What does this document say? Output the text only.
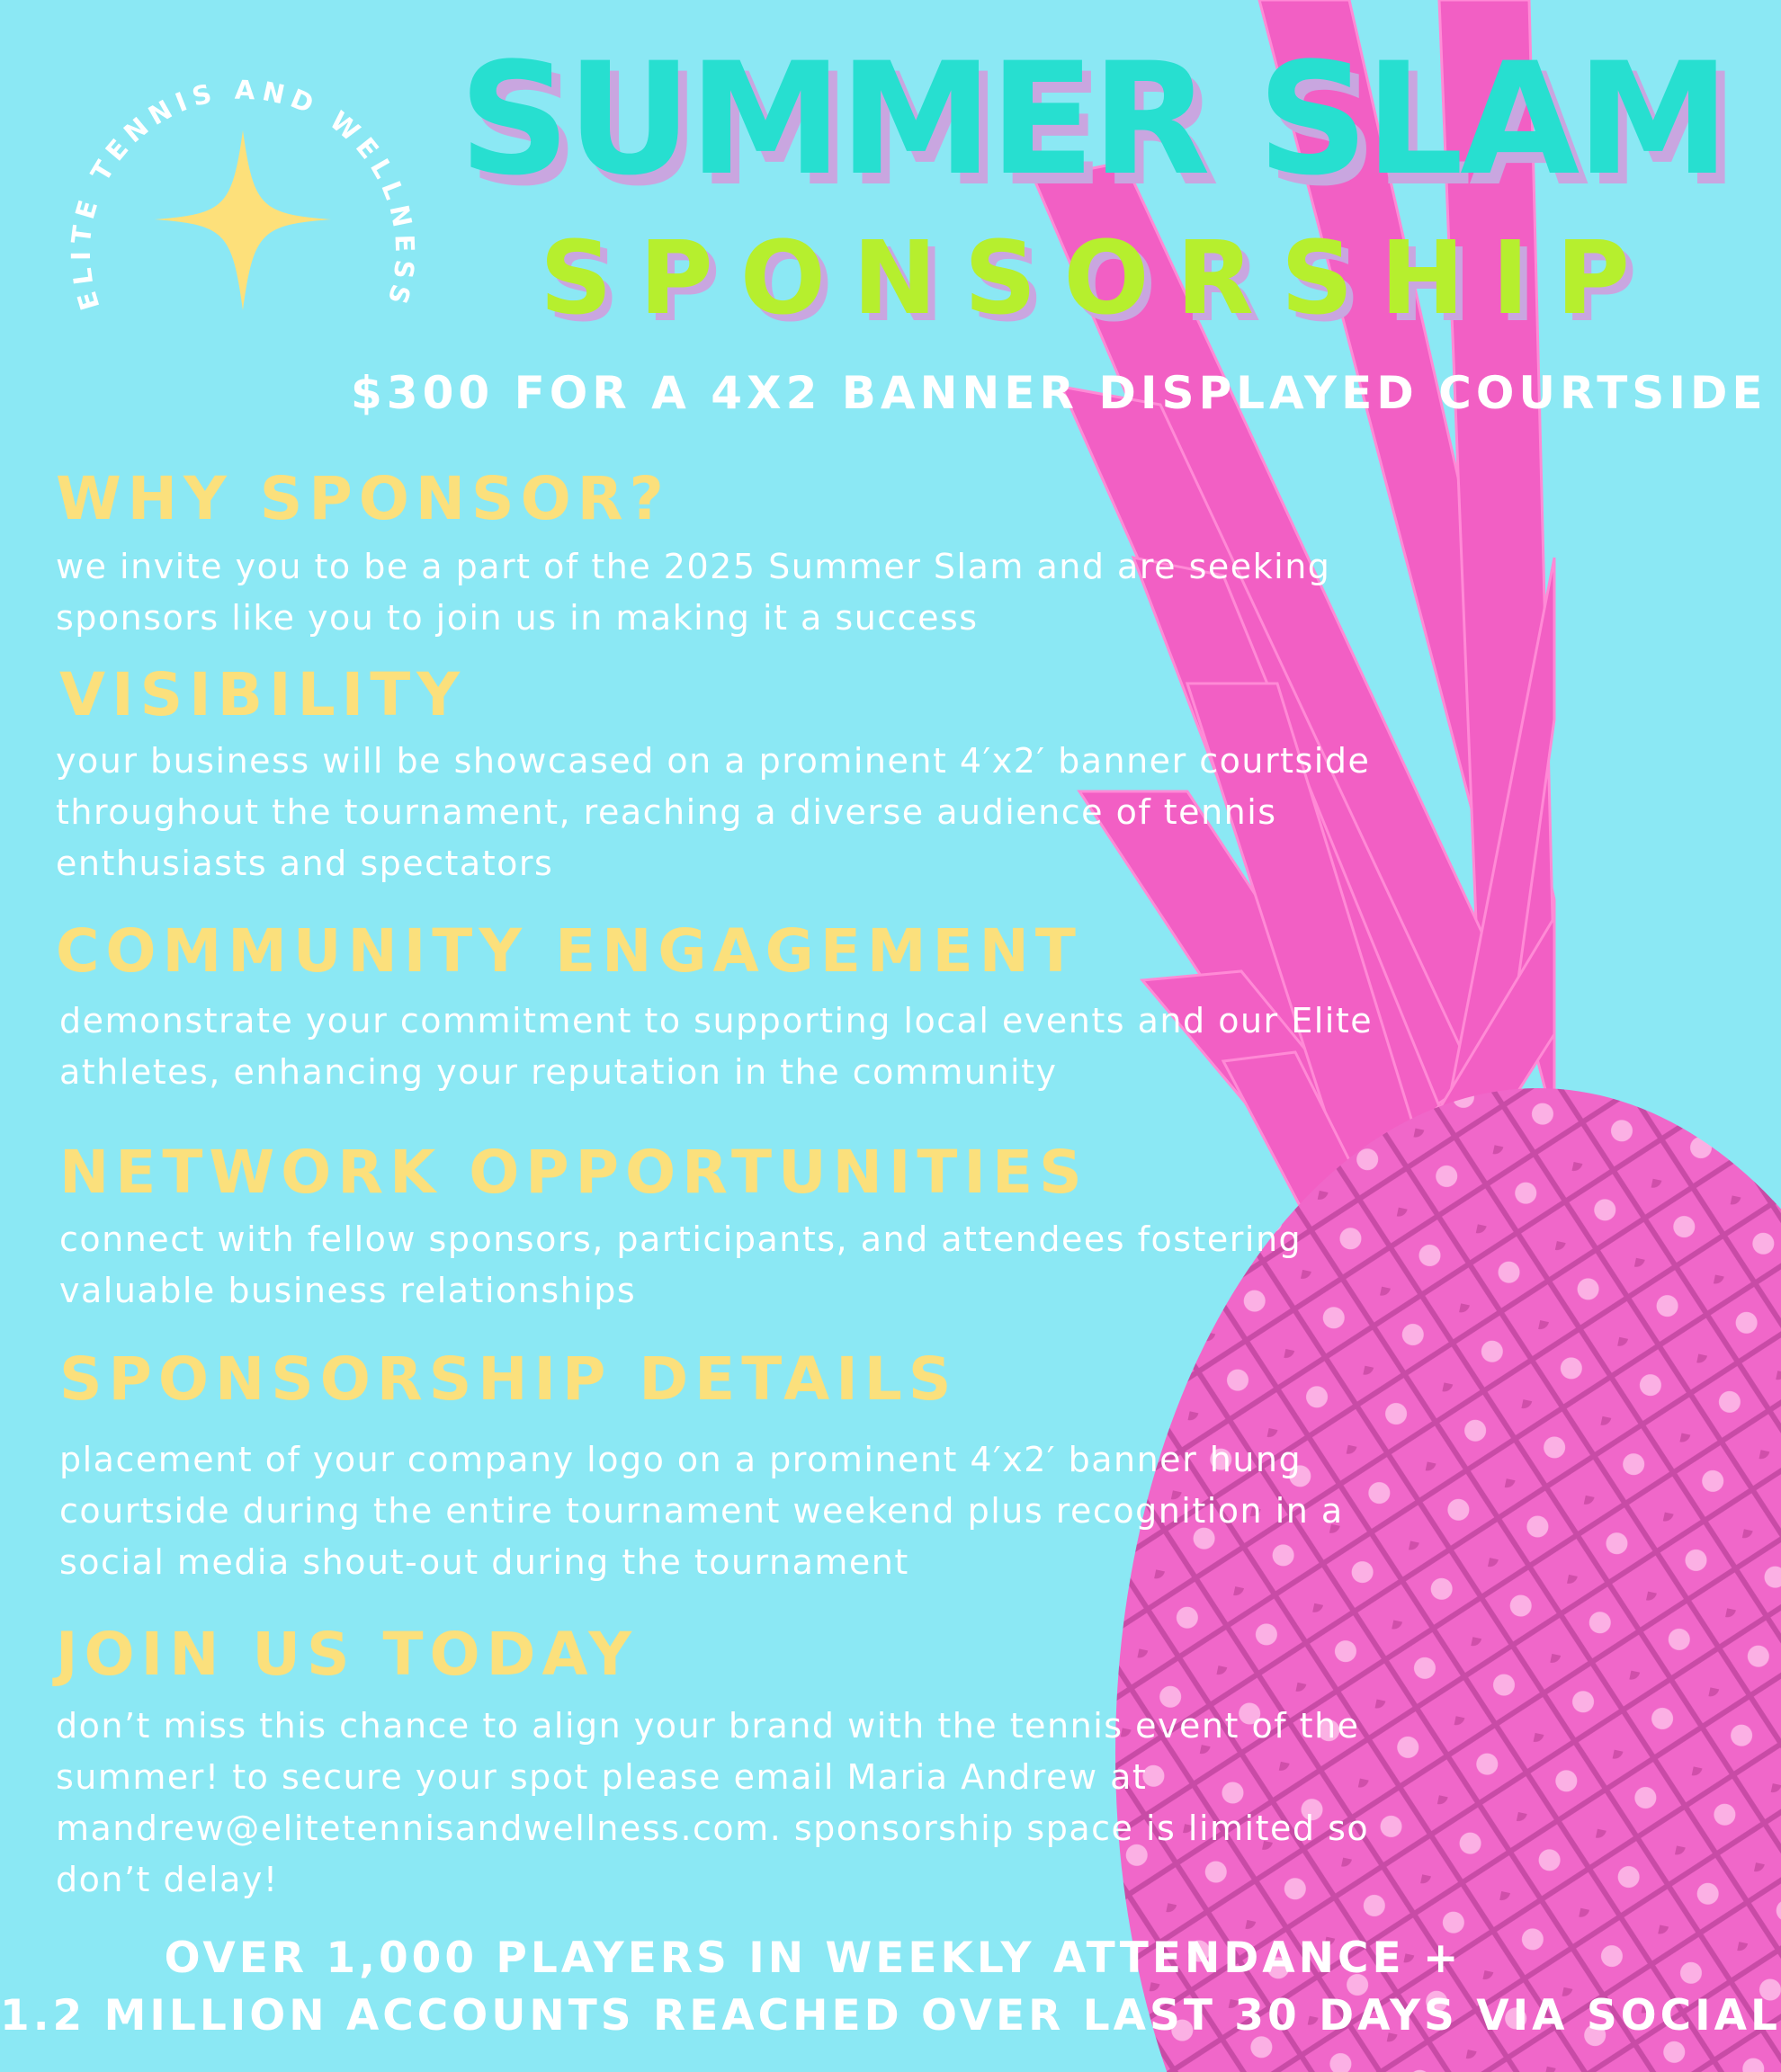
ELITE TENNIS AND WELLNESS
SUMMER SLAM
SPONSORSHIP

$300 FOR A 4X2 BANNER DISPLAYED COURTSIDE

WHY SPONSOR?

we invite you to be a part of the 2025 Summer Slam and are seeking
sponsors like you to join us in making it a success

VISIBILITY

your business will be showcased on a prominent 4′x2′ banner courtside
throughout the tournament, reaching a diverse audience of tennis
enthusiasts and spectators

COMMUNITY ENGAGEMENT

demonstrate your commitment to supporting local events and our Elite
athletes, enhancing your reputation in the community

NETWORK OPPORTUNITIES

connect with fellow sponsors, participants, and attendees fostering
valuable business relationships

SPONSORSHIP DETAILS

placement of your company logo on a prominent 4′x2′ banner hung
courtside during the entire tournament weekend plus recognition in a
social media shout-out during the tournament

JOIN US TODAY

don’t miss this chance to align your brand with the tennis event of the
summer! to secure your spot please email Maria Andrew at
mandrew@elitetennisandwellness.com. sponsorship space is limited so
don’t delay!

OVER 1,000 PLAYERS IN WEEKLY ATTENDANCE +

1.2 MILLION ACCOUNTS REACHED OVER LAST 30 DAYS VIA SOCIAL
